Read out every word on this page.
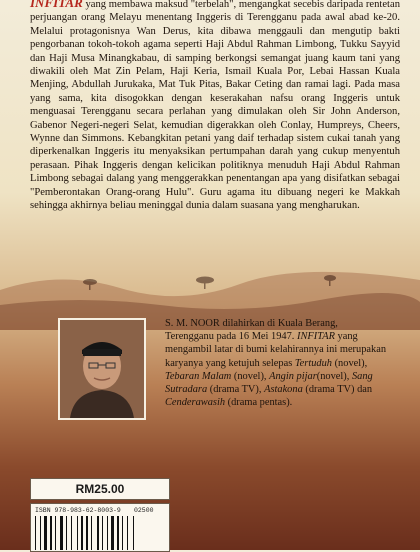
INFITAR yang membawa maksud "terbelah", mengangkat secebis daripada rentetan perjuangan orang Melayu menentang Inggeris di Terengganu pada awal abad ke-20. Melalui protagonisnya Wan Derus, kita dibawa menggauli dan mengutip bakti pengorbanan tokoh-tokoh agama seperti Haji Abdul Rahman Limbong, Tukku Sayyid dan Haji Musa Minangkabau, di samping berkongsi semangat juang kaum tani yang diwakili oleh Mat Zin Pelam, Haji Keria, Ismail Kuala Por, Lebai Hassan Kuala Menjing, Abdullah Jurukaka, Mat Tuk Pitas, Bakar Ceting dan ramai lagi. Pada masa yang sama, kita disogokkan dengan keserakahan nafsu orang Inggeris untuk menguasai Terengganu secara perlahan yang dimulakan oleh Sir John Anderson, Gabenor Negeri-negeri Selat, kemudian digerakkan oleh Conlay, Humpreys, Cheers, Wynne dan Simmons. Kebangkitan petani yang daif terhadap sistem cukai tanah yang diperkenalkan Inggeris itu menyaksikan pertumpahan darah yang cukup menyentuh perasaan. Pihak Inggeris dengan kelicikan politiknya menuduh Haji Abdul Rahman Limbong sebagai dalang yang menggerakkan penentangan apa yang disifatkan sebagai "Pemberontakan Orang-orang Hulu". Guru agama itu dibuang negeri ke Makkah sehingga akhirnya beliau meninggal dunia dalam suasana yang mengharukan.
S. M. NOOR dilahirkan di Kuala Berang, Terengganu pada 16 Mei 1947. INFITAR yang mengambil latar di bumi kelahirannya ini merupakan karyanya yang ketujuh selepas Tertuduh (novel), Tebaran Malam (novel), Angin pijar(novel), Sang Sutradara (drama TV), Astakona (drama TV) dan Cenderawasih (drama pentas).
RM25.00
ISBN 978-983-62-8003-9 02500
